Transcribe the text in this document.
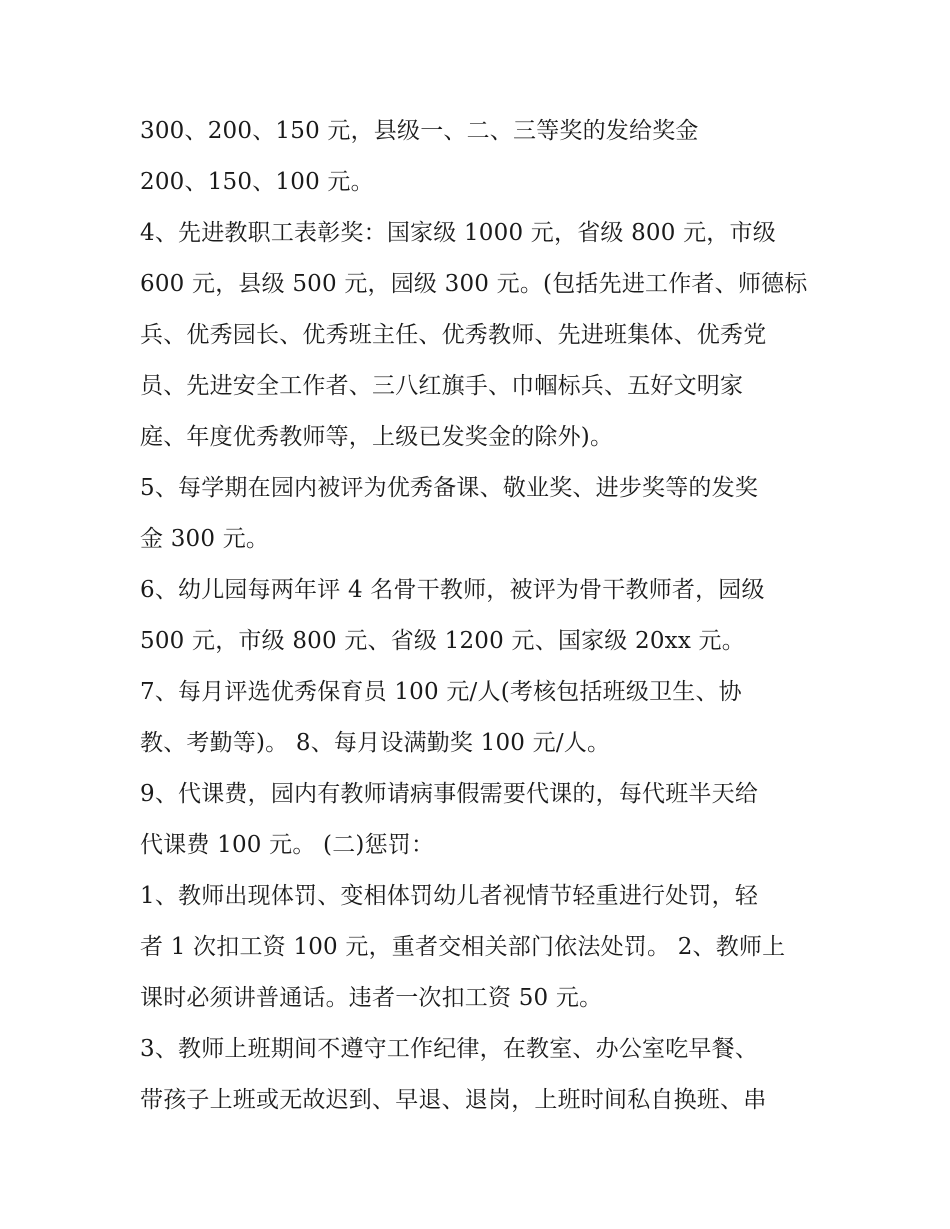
300、200、150 元，县级一、二、三等奖的发给奖金
200、150、100 元。
4、先进教职工表彰奖：国家级 1000 元，省级 800 元，市级
600 元，县级 500 元，园级 300 元。(包括先进工作者、师德标
兵、优秀园长、优秀班主任、优秀教师、先进班集体、优秀党
员、先进安全工作者、三八红旗手、巾帼标兵、五好文明家
庭、年度优秀教师等，上级已发奖金的除外)。
5、每学期在园内被评为优秀备课、敬业奖、进步奖等的发奖
金 300 元。
6、幼儿园每两年评 4 名骨干教师，被评为骨干教师者，园级
500 元，市级 800 元、省级 1200 元、国家级 20xx 元。
7、每月评选优秀保育员 100 元/人(考核包括班级卫生、协
教、考勤等)。 8、每月设满勤奖 100 元/人。
9、代课费，园内有教师请病事假需要代课的，每代班半天给
代课费 100 元。 (二)惩罚：
1、教师出现体罚、变相体罚幼儿者视情节轻重进行处罚，轻
者 1 次扣工资 100 元，重者交相关部门依法处罚。 2、教师上
课时必须讲普通话。违者一次扣工资 50 元。
3、教师上班期间不遵守工作纪律，在教室、办公室吃早餐、
带孩子上班或无故迟到、早退、退岗，上班时间私自换班、串
